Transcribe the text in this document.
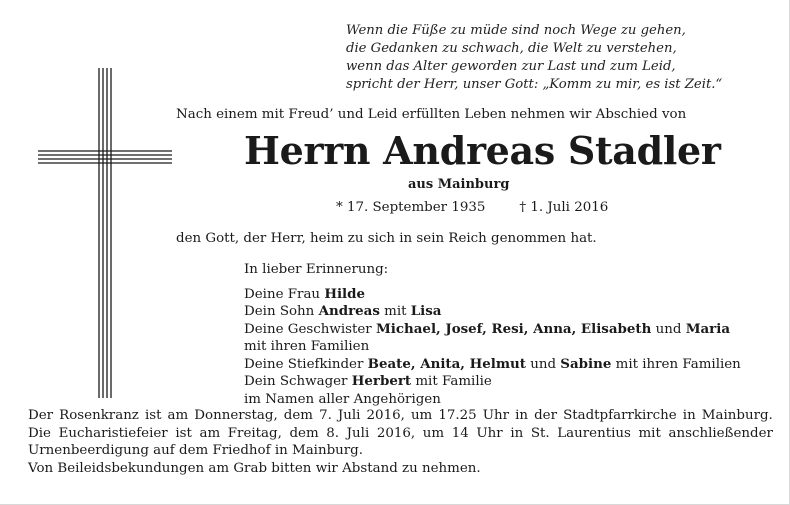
Wenn die Füße zu müde sind noch Wege zu gehen,
die Gedanken zu schwach, die Welt zu verstehen,
wenn das Alter geworden zur Last und zum Leid,
spricht der Herr, unser Gott: „Komm zu mir, es ist Zeit.“
Nach einem mit Freud’ und Leid erfüllten Leben nehmen wir Abschied von
Herrn Andreas Stadler
aus Mainburg
* 17. September 1935	† 1. Juli 2016
den Gott, der Herr, heim zu sich in sein Reich genommen hat.
In lieber Erinnerung:
Deine Frau Hilde
Dein Sohn Andreas mit Lisa
Deine Geschwister Michael, Josef, Resi, Anna, Elisabeth und Maria
mit ihren Familien
Deine Stiefkinder Beate, Anita, Helmut und Sabine mit ihren Familien
Dein Schwager Herbert mit Familie
im Namen aller Angehörigen
Der Rosenkranz ist am Donnerstag, dem 7. Juli 2016, um 17.25 Uhr in der Stadtpfarrkirche in Mainburg.
Die Eucharistiefeier ist am Freitag, dem 8. Juli 2016, um 14 Uhr in St. Laurentius mit anschließender
Urnenbeerdigung auf dem Friedhof in Mainburg.
Von Beileidsbekundungen am Grab bitten wir Abstand zu nehmen.
